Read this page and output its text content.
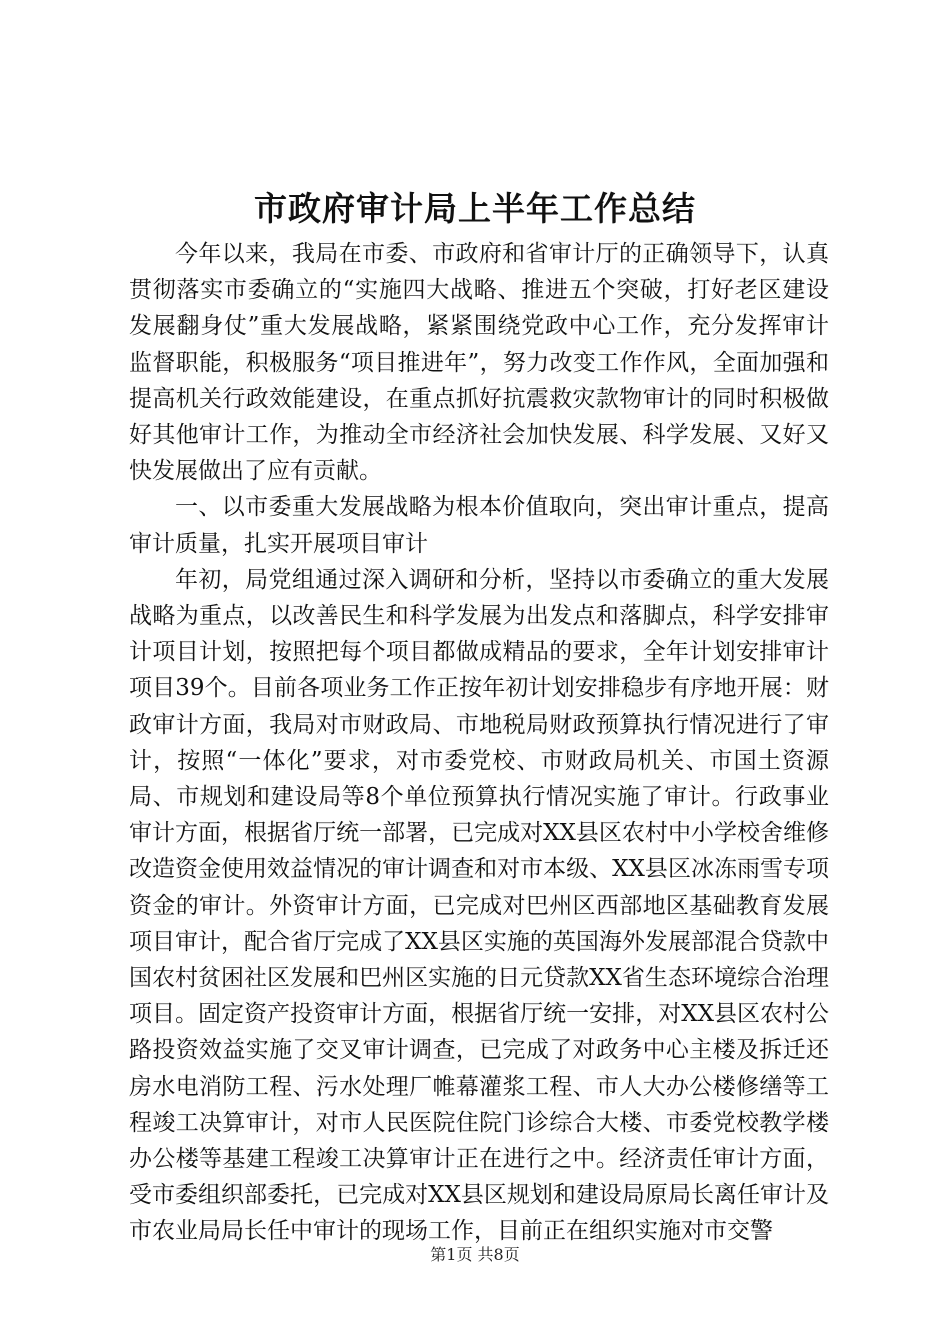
市政府审计局上半年工作总结

今年以来，我局在市委、市政府和省审计厅的正确领导下，认真贯彻落实市委确立的“实施四大战略、推进五个突破，打好老区建设发展翻身仗”重大发展战略，紧紧围绕党政中心工作，充分发挥审计监督职能，积极服务“项目推进年”，努力改变工作作风，全面加强和提高机关行政效能建设，在重点抓好抗震救灾款物审计的同时积极做好其他审计工作，为推动全市经济社会加快发展、科学发展、又好又快发展做出了应有贡献。

一、以市委重大发展战略为根本价值取向，突出审计重点，提高审计质量，扎实开展项目审计

年初，局党组通过深入调研和分析，坚持以市委确立的重大发展战略为重点，以改善民生和科学发展为出发点和落脚点，科学安排审计项目计划，按照把每个项目都做成精品的要求，全年计划安排审计项目39个。目前各项业务工作正按年初计划安排稳步有序地开展：财政审计方面，我局对市财政局、市地税局财政预算执行情况进行了审计，按照“一体化”要求，对市委党校、市财政局机关、市国土资源局、市规划和建设局等8个单位预算执行情况实施了审计。行政事业审计方面，根据省厅统一部署，已完成对XX县区农村中小学校舍维修改造资金使用效益情况的审计调查和对市本级、XX县区冰冻雨雪专项资金的审计。外资审计方面，已完成对巴州区西部地区基础教育发展项目审计，配合省厅完成了XX县区实施的英国海外发展部混合贷款中国农村贫困社区发展和巴州区实施的日元贷款XX省生态环境综合治理项目。固定资产投资审计方面，根据省厅统一安排，对XX县区农村公路投资效益实施了交叉审计调查，已完成了对政务中心主楼及拆迁还房水电消防工程、污水处理厂帷幕灌浆工程、市人大办公楼修缮等工程竣工决算审计，对市人民医院住院门诊综合大楼、市委党校教学楼办公楼等基建工程竣工决算审计正在进行之中。经济责任审计方面，受市委组织部委托，已完成对XX县区规划和建设局原局长离任审计及市农业局局长任中审计的现场工作，目前正在组织实施对市交警

第1页 共8页
